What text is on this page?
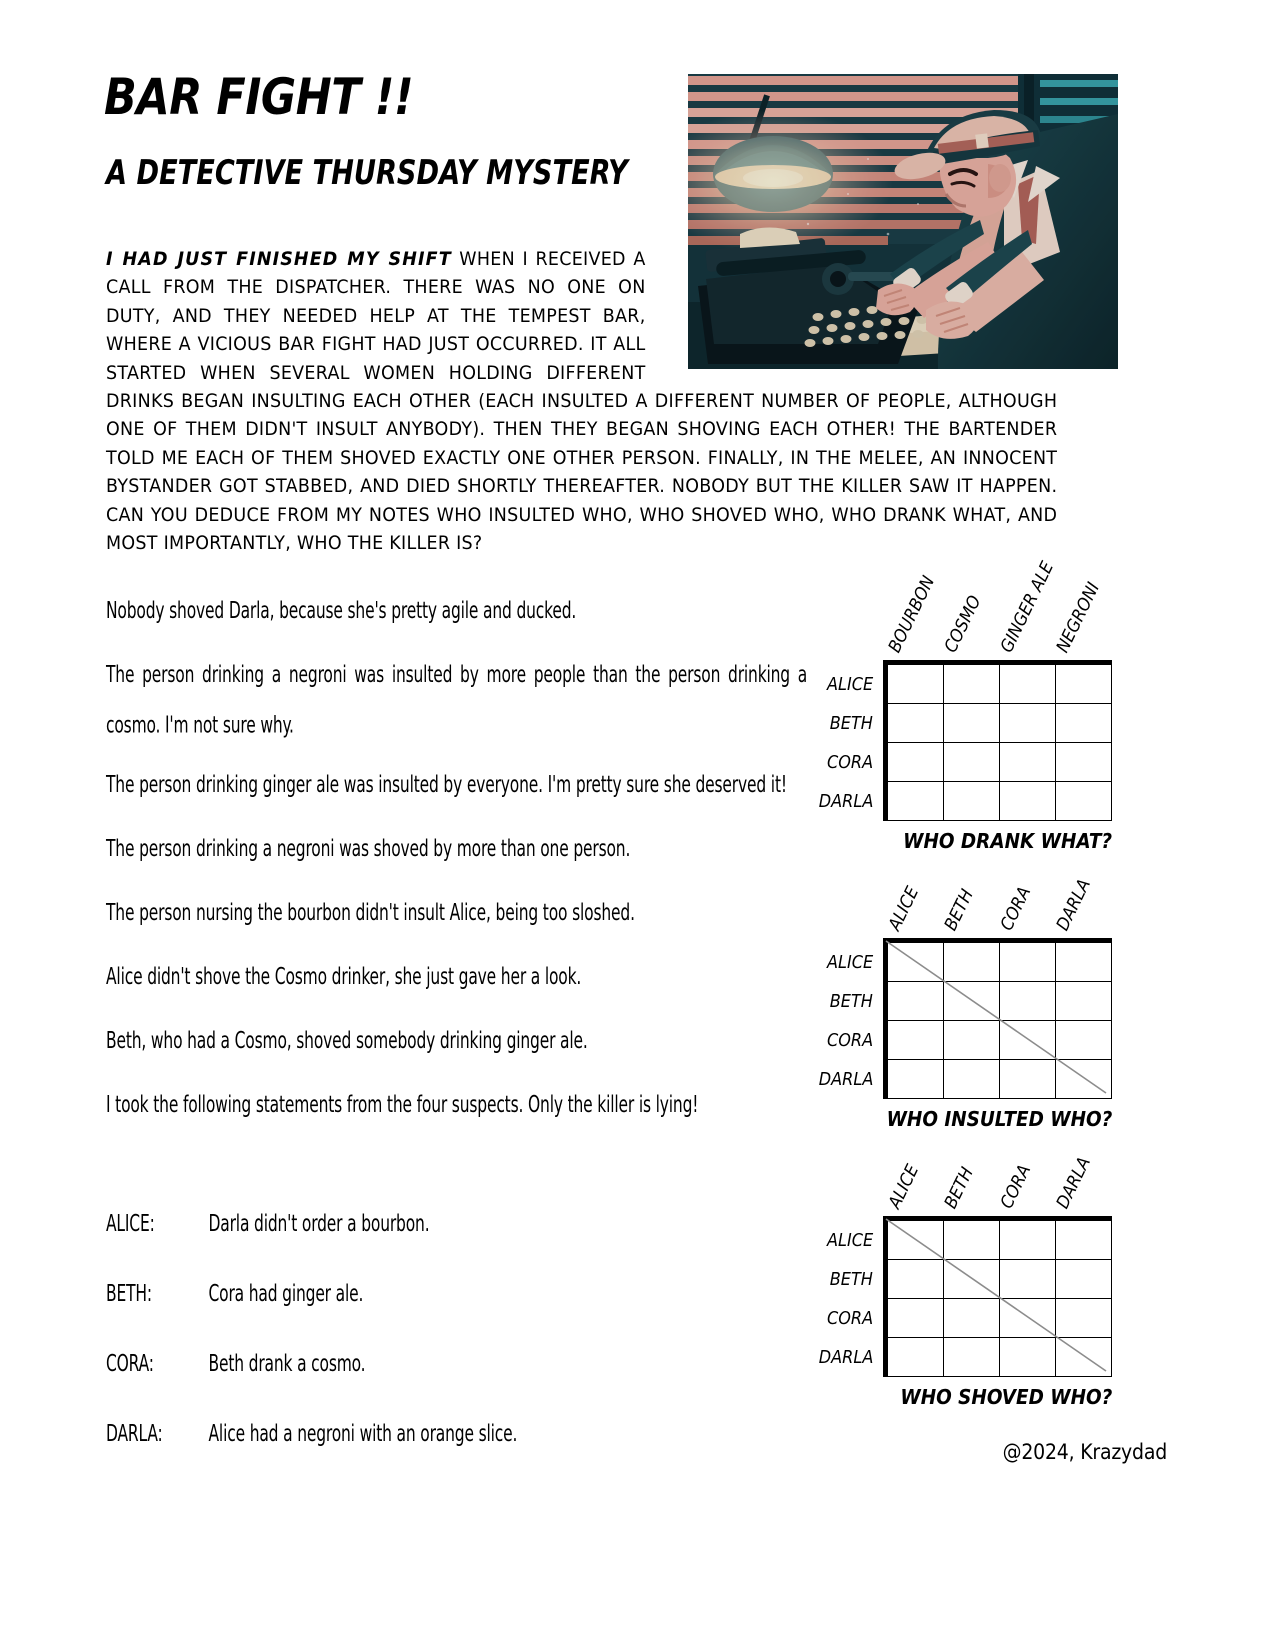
BAR FIGHT !!
A DETECTIVE THURSDAY MYSTERY
I HAD JUST FINISHED MY SHIFT WHEN I RECEIVED A CALL FROM THE DISPATCHER. THERE WAS NO ONE ON DUTY, AND THEY NEEDED HELP AT THE TEMPEST BAR, WHERE A VICIOUS BAR FIGHT HAD JUST OCCURRED. IT ALL STARTED WHEN SEVERAL WOMEN HOLDING DIFFERENT DRINKS BEGAN INSULTING EACH OTHER (EACH INSULTED A DIFFERENT NUMBER OF PEOPLE, ALTHOUGH ONE OF THEM DIDN'T INSULT ANYBODY). THEN THEY BEGAN SHOVING EACH OTHER! THE BARTENDER TOLD ME EACH OF THEM SHOVED EXACTLY ONE OTHER PERSON. FINALLY, IN THE MELEE, AN INNOCENT BYSTANDER GOT STABBED, AND DIED SHORTLY THEREAFTER. NOBODY BUT THE KILLER SAW IT HAPPEN. CAN YOU DEDUCE FROM MY NOTES WHO INSULTED WHO, WHO SHOVED WHO, WHO DRANK WHAT, AND MOST IMPORTANTLY, WHO THE KILLER IS?
Nobody shoved Darla, because she's pretty agile and ducked.
The person drinking a negroni was insulted by more people than the person drinking a cosmo. I'm not sure why.
The person drinking ginger ale was insulted by everyone. I'm pretty sure she deserved it!
The person drinking a negroni was shoved by more than one person.
The person nursing the bourbon didn't insult Alice, being too sloshed.
Alice didn't shove the Cosmo drinker, she just gave her a look.
Beth, who had a Cosmo, shoved somebody drinking ginger ale.
I took the following statements from the four suspects. Only the killer is lying!
ALICE:	Darla didn't order a bourbon.
BETH:	Cora had ginger ale.
CORA:	Beth drank a cosmo.
DARLA:	Alice had a negroni with an orange slice.
@2024, Krazydad
BOURBON COSMO GINGER ALE
NEGRONI
ALICE
BETH
CORA
DARLA

WHO DRANK WHAT?
ALICE BETH CORA DARLA
ALICE
BETH
CORA
DARLA

WHO INSULTED WHO?
ALICE BETH CORA DARLA
ALICE
BETH
CORA
DARLA

WHO SHOVED WHO?
